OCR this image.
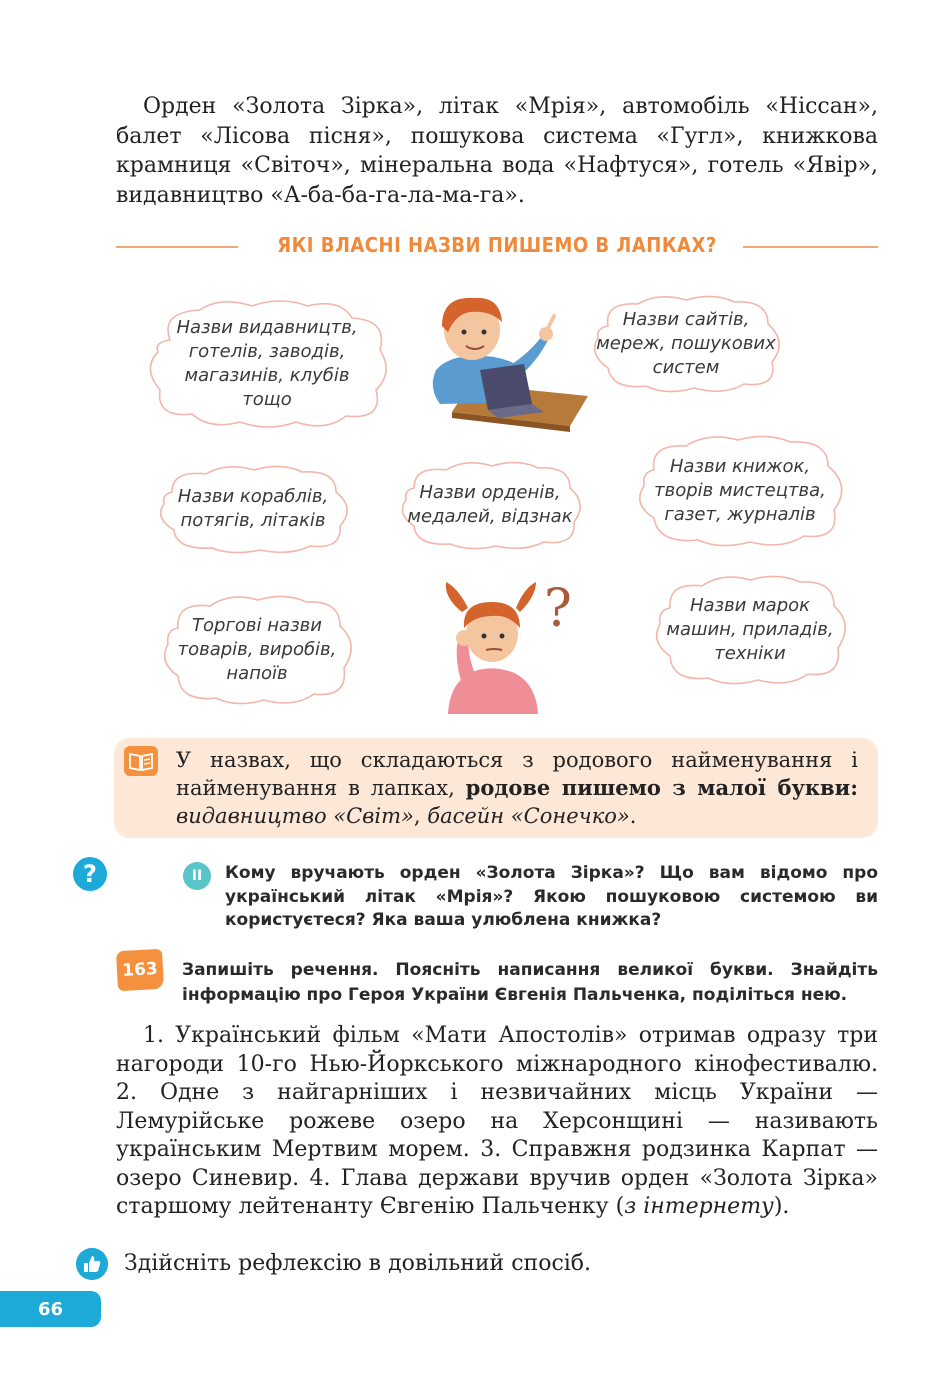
Орден «Золота Зірка», літак «Мрія», автомобіль «Ніссан», балет «Лісова пісня», пошукова система «Гугл», книжкова крамниця «Світоч», мінеральна вода «Нафтуся», готель «Явір», видавництво «А-ба-ба-га-ла-ма-га».

ЯКІ ВЛАСНІ НАЗВИ ПИШЕМО В ЛАПКАХ?
Назви видавництв,
готелів, заводів,
магазинів, клубів
тощо
Назви сайтів,
мереж, пошукових
систем
Назви кораблів,
потягів, літаків
Назви орденів,
медалей, відзнак
Назви книжок,
творів мистецтва,
газет, журналів
Торгові назви
товарів, виробів,
напоїв
Назви марок
машин, приладів,
техніки
?
У назвах, що складаються з родового найменування і найменування в лапках, родове пишемо з малої букви: видавництво «Світ», басейн «Сонечко».
?	II	Кому вручають орден «Золота Зірка»? Що вам відомо про український літак «Мрія»? Якою пошуковою системою ви користуєтеся? Яка ваша улюблена книжка?
163	Запишіть речення. Поясніть написання великої букви. Знайдіть інформацію про Героя України Євгенія Пальченка, поділіться нею.

1. Український фільм «Мати Апостолів» отримав одразу три нагороди 10-го Нью-Йоркського міжнародного кінофестивалю. 2. Одне з найгарніших і незвичайних місць України — Лемурійське рожеве озеро на Херсонщині — називають українським Мертвим морем. 3. Справжня родзинка Карпат — озеро Синевир. 4. Глава держави вручив орден «Золота Зірка» старшому лейтенанту Євгенію Пальченку (з інтернету).

Здійсніть рефлексію в довільний спосіб.
66
